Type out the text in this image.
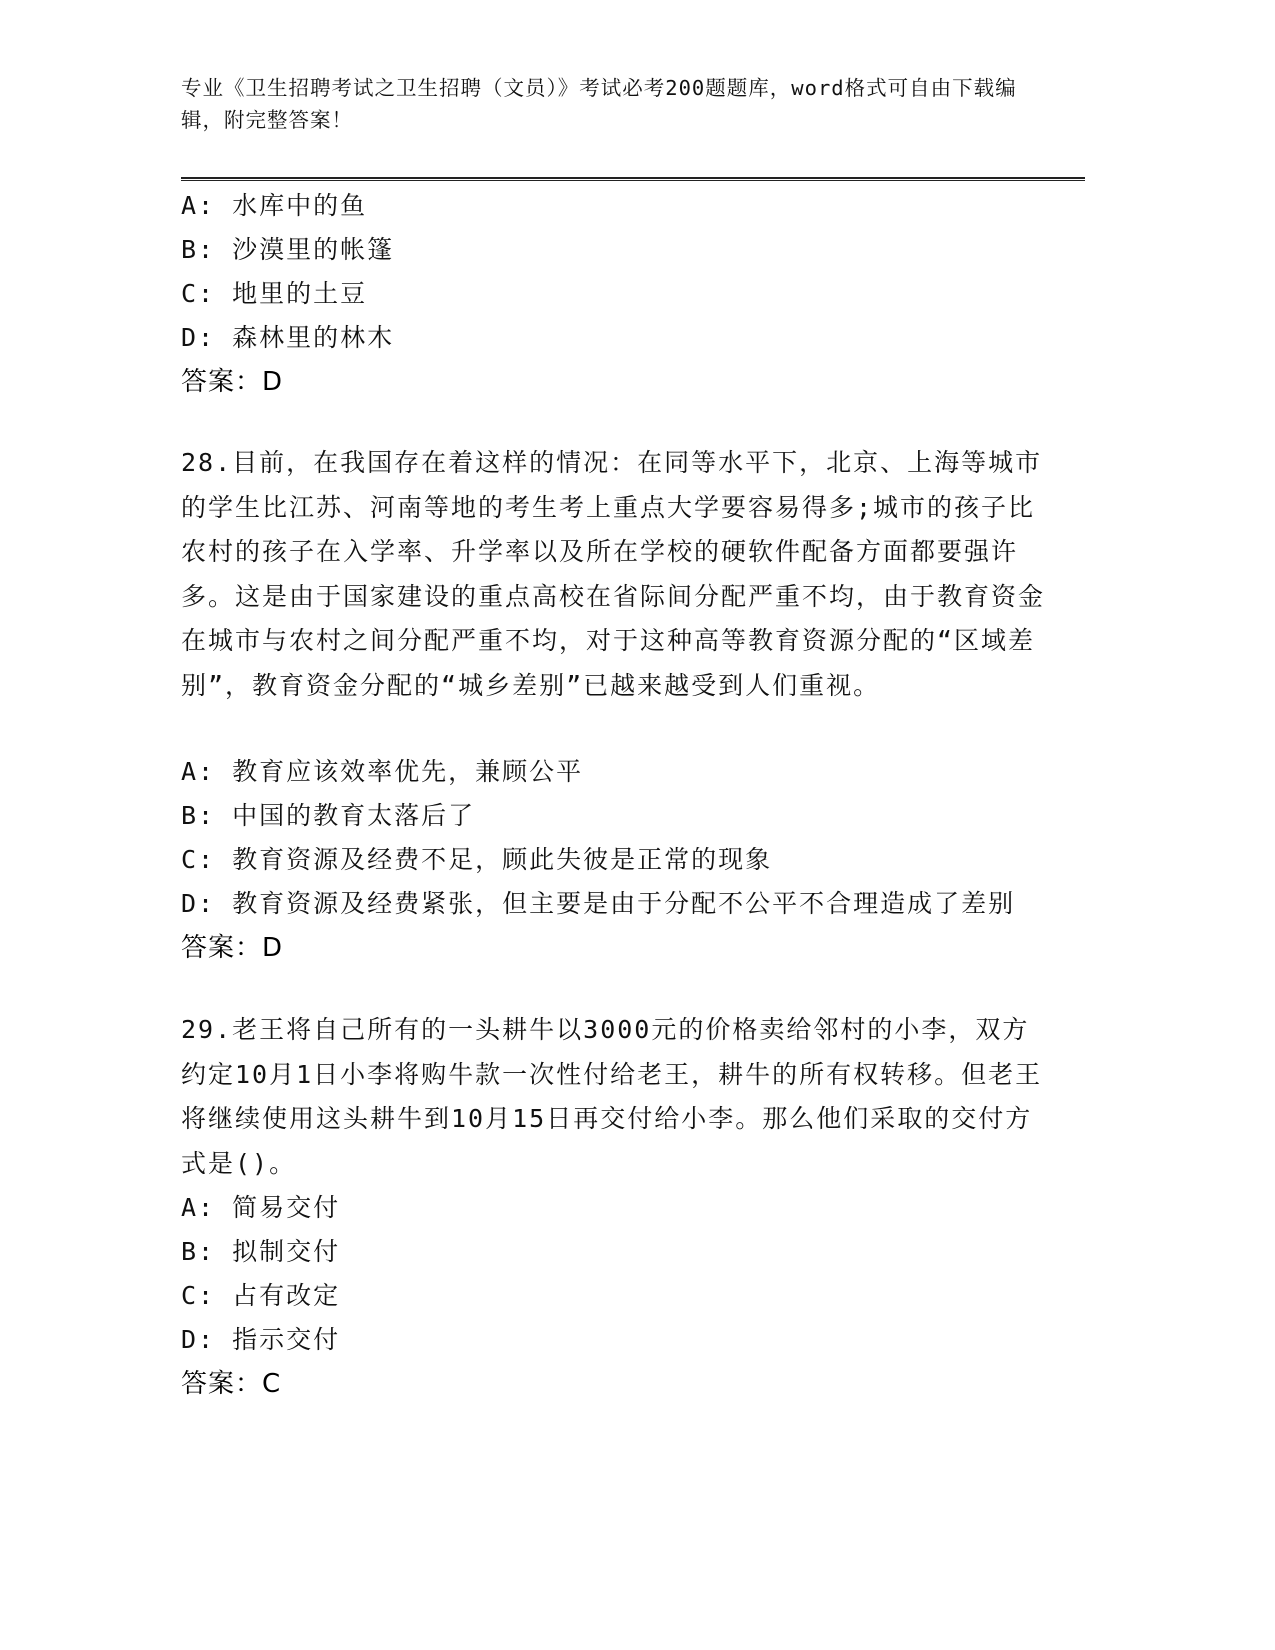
专业《卫生招聘考试之卫生招聘（文员）》考试必考200题题库，word格式可自由下载编辑，附完整答案！
A: 水库中的鱼
B: 沙漠里的帐篷
C: 地里的土豆
D: 森林里的林木
答案：D

28.目前，在我国存在着这样的情况：在同等水平下，北京、上海等城市的学生比江苏、河南等地的考生考上重点大学要容易得多;城市的孩子比农村的孩子在入学率、升学率以及所在学校的硬软件配备方面都要强许多。这是由于国家建设的重点高校在省际间分配严重不均，由于教育资金在城市与农村之间分配严重不均，对于这种高等教育资源分配的“区域差别”，教育资金分配的“城乡差别”已越来越受到人们重视。

A: 教育应该效率优先，兼顾公平
B: 中国的教育太落后了
C: 教育资源及经费不足，顾此失彼是正常的现象
D: 教育资源及经费紧张，但主要是由于分配不公平不合理造成了差别
答案：D

29.老王将自己所有的一头耕牛以3000元的价格卖给邻村的小李，双方约定10月1日小李将购牛款一次性付给老王，耕牛的所有权转移。但老王将继续使用这头耕牛到10月15日再交付给小李。那么他们采取的交付方式是()。

A: 简易交付
B: 拟制交付
C: 占有改定
D: 指示交付
答案：C
